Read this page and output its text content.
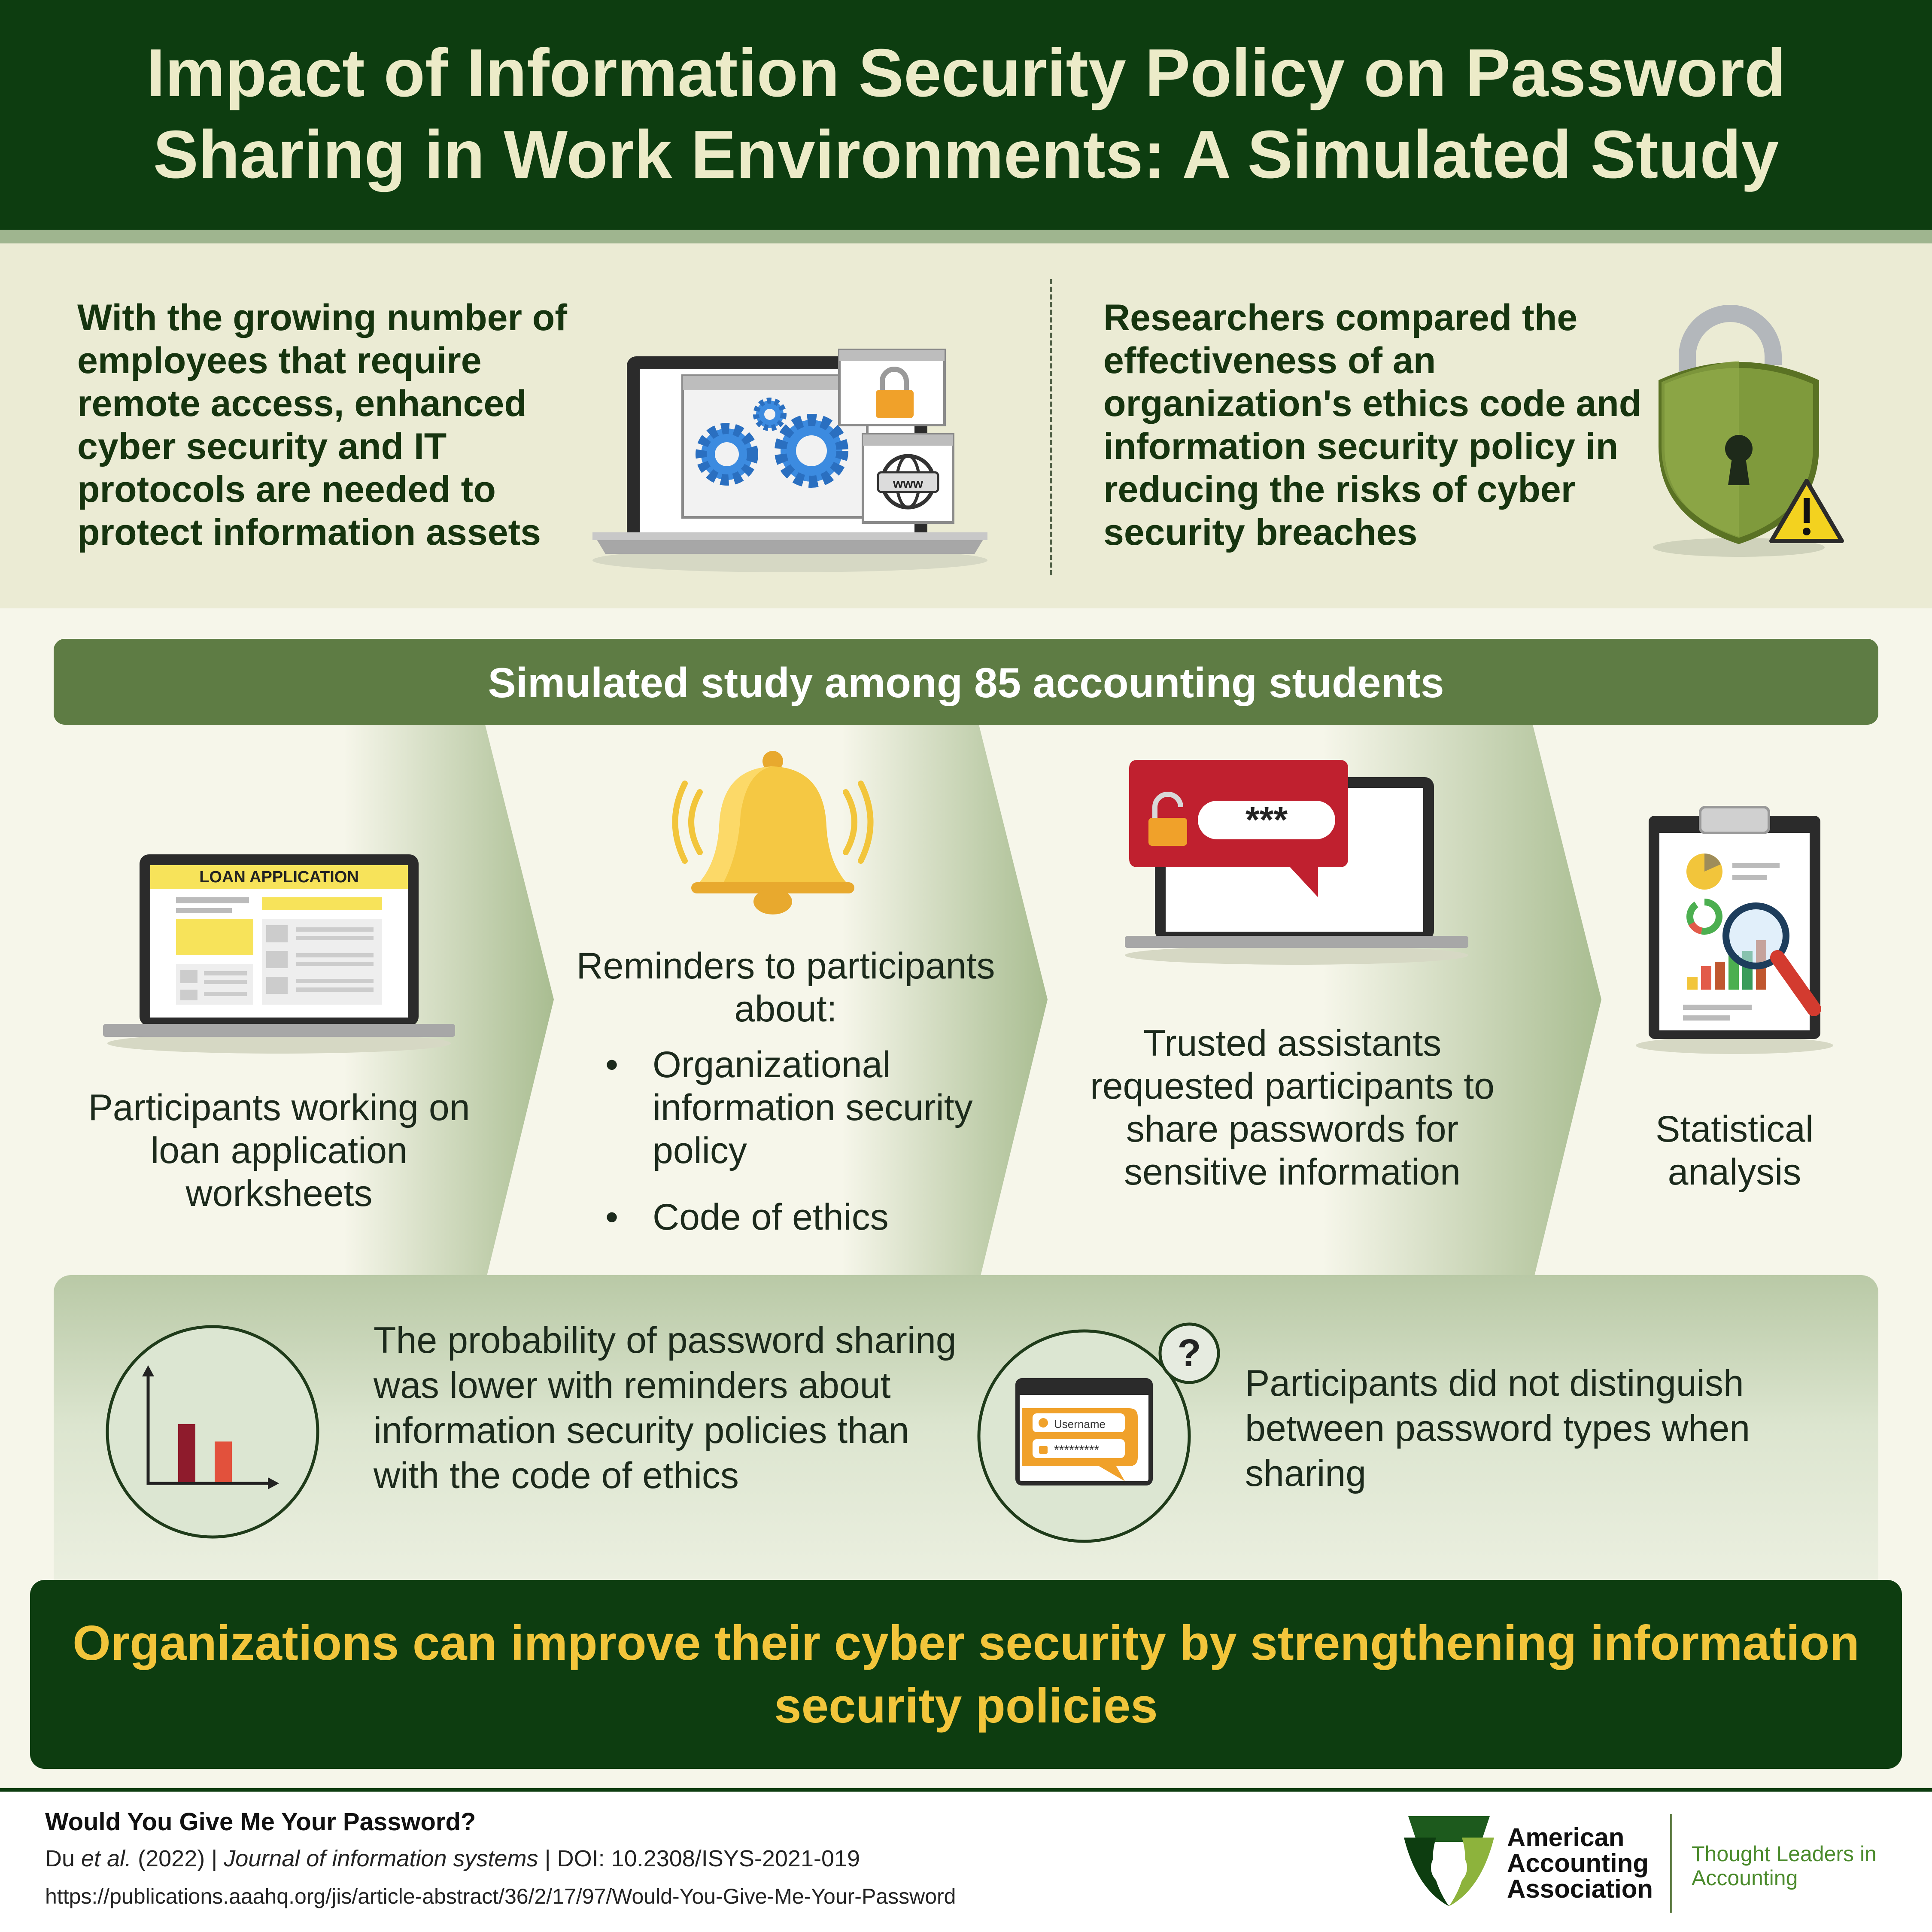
Impact of Information Security Policy on Password
Sharing in Work Environments: A Simulated Study
With the growing number of employees that require remote access, enhanced cyber security and IT protocols are needed to protect information assets
Researchers compared the effectiveness of an organization's ethics code and information security policy in reducing the risks of cyber security breaches
www
Simulated study among 85 accounting students
LOAN APPLICATION
Participants working on loan application worksheets
Reminders to participants about:
• Organizational information security policy
• Code of ethics
***
Trusted assistants requested participants to share passwords for sensitive information
Statistical analysis
The probability of password sharing was lower with reminders about information security policies than with the code of ethics
?
Username
*********
Participants did not distinguish between password types when sharing
Organizations can improve their cyber security by strengthening information security policies
Would You Give Me Your Password?
Du et al. (2022) | Journal of information systems | DOI: 10.2308/ISYS-2021-019
https://publications.aaahq.org/jis/article-abstract/36/2/17/97/Would-You-Give-Me-Your-Password
American
Accounting
Association
Thought Leaders in Accounting
